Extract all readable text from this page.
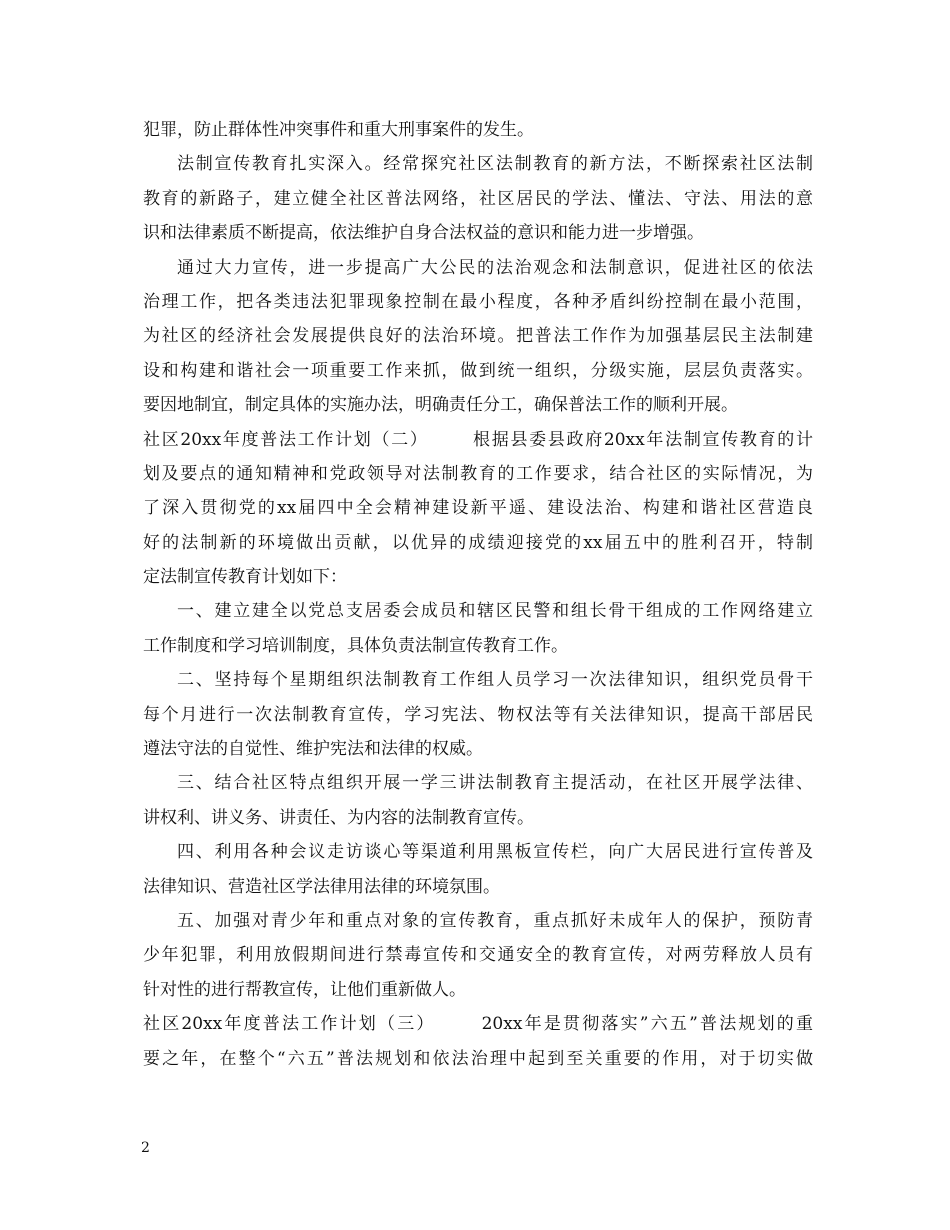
犯罪，防止群体性冲突事件和重大刑事案件的发生。
法制宣传教育扎实深入。经常探究社区法制教育的新方法，不断探索社区法制
教育的新路子，建立健全社区普法网络，社区居民的学法、懂法、守法、用法的意
识和法律素质不断提高，依法维护自身合法权益的意识和能力进一步增强。
通过大力宣传，进一步提高广大公民的法治观念和法制意识，促进社区的依法
治理工作，把各类违法犯罪现象控制在最小程度，各种矛盾纠纷控制在最小范围，
为社区的经济社会发展提供良好的法治环境。把普法工作作为加强基层民主法制建
设和构建和谐社会一项重要工作来抓，做到统一组织，分级实施，层层负责落实。
要因地制宜，制定具体的实施办法，明确责任分工，确保普法工作的顺利开展。
社区20xx年度普法工作计划（二） 　　根据县委县政府20xx年法制宣传教育的计
划及要点的通知精神和党政领导对法制教育的工作要求，结合社区的实际情况，为
了深入贯彻党的xx届四中全会精神建设新平遥、建设法治、构建和谐社区营造良
好的法制新的环境做出贡献，以优异的成绩迎接党的xx届五中的胜利召开，特制
定法制宣传教育计划如下：
一、建立建全以党总支居委会成员和辖区民警和组长骨干组成的工作网络建立
工作制度和学习培训制度，具体负责法制宣传教育工作。
二、坚持每个星期组织法制教育工作组人员学习一次法律知识，组织党员骨干
每个月进行一次法制教育宣传，学习宪法、物权法等有关法律知识，提高干部居民
遵法守法的自觉性、维护宪法和法律的权威。
三、结合社区特点组织开展一学三讲法制教育主提活动，在社区开展学法律、
讲权利、讲义务、讲责任、为内容的法制教育宣传。
四、利用各种会议走访谈心等渠道利用黑板宣传栏，向广大居民进行宣传普及
法律知识、营造社区学法律用法律的环境氛围。
五、加强对青少年和重点对象的宣传教育，重点抓好未成年人的保护，预防青
少年犯罪，利用放假期间进行禁毒宣传和交通安全的教育宣传，对两劳释放人员有
针对性的进行帮教宣传，让他们重新做人。
社区20xx年度普法工作计划（三） 　　20xx年是贯彻落实”六五”普法规划的重
要之年，在整个“六五”普法规划和依法治理中起到至关重要的作用，对于切实做
2
